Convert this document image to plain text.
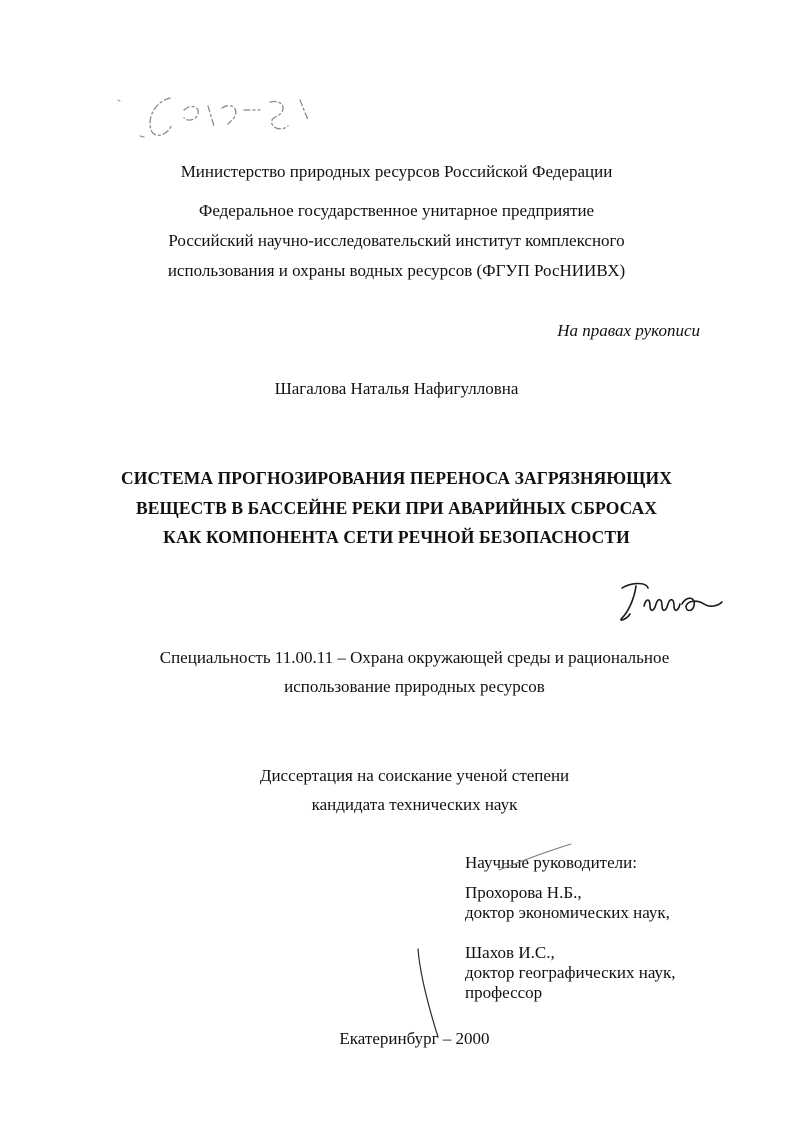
Министерство природных ресурсов Российской Федерации
Федеральное государственное унитарное предприятие
Российский научно-исследовательский институт комплексного
использования и охраны водных ресурсов (ФГУП РосНИИВХ)
На правах рукописи
Шагалова Наталья Нафигулловна
СИСТЕМА ПРОГНОЗИРОВАНИЯ ПЕРЕНОСА ЗАГРЯЗНЯЮЩИХ
ВЕЩЕСТВ В БАССЕЙНЕ РЕКИ ПРИ АВАРИЙНЫХ СБРОСАХ
КАК КОМПОНЕНТА СЕТИ РЕЧНОЙ БЕЗОПАСНОСТИ
Специальность 11.00.11 – Охрана окружающей среды и рациональное
использование природных ресурсов
Диссертация на соискание ученой степени
кандидата технических наук
Научные руководители:
Прохорова Н.Б.,
доктор экономических наук,
Шахов И.С.,
доктор географических наук,
профессор
Екатеринбург – 2000
